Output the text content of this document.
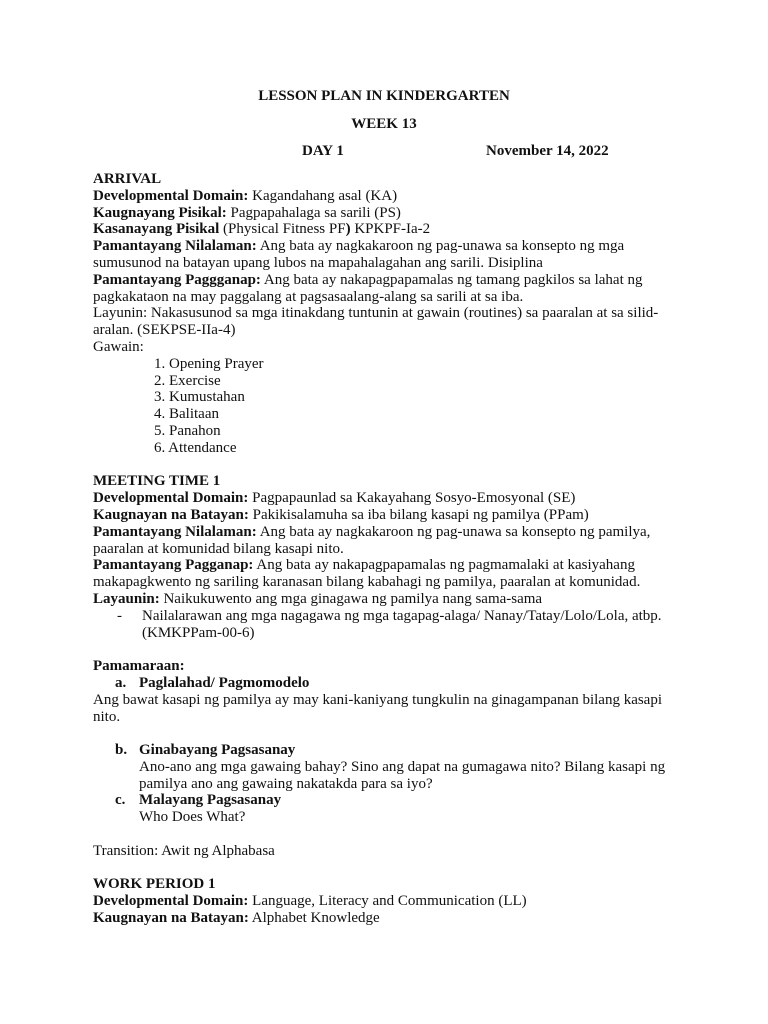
LESSON PLAN IN KINDERGARTEN
WEEK 13
DAY 1	November 14, 2022
ARRIVAL
Developmental Domain: Kagandahang asal (KA)
Kaugnayang Pisikal: Pagpapahalaga sa sarili (PS)
Kasanayang Pisikal (Physical Fitness PF) KPKPF-Ia-2
Pamantayang Nilalaman: Ang bata ay nagkakaroon ng pag-unawa sa konsepto ng mga sumusunod na batayan upang lubos na mapahalagahan ang sarili. Disiplina
Pamantayang Paggganap: Ang bata ay nakapagpapamalas ng tamang pagkilos sa lahat ng pagkakataon na may paggalang at pagsasaalang-alang sa sarili at sa iba.
Layunin: Nakasusunod sa mga itinakdang tuntunin at gawain (routines) sa paaralan at sa silid-aralan. (SEKPSE-IIa-4)
Gawain:
1. Opening Prayer
2. Exercise
3. Kumustahan
4. Balitaan
5. Panahon
6. Attendance
MEETING TIME 1
Developmental Domain: Pagpapaunlad sa Kakayahang Sosyo-Emosyonal (SE)
Kaugnayan na Batayan: Pakikisalamuha sa iba bilang kasapi ng pamilya (PPam)
Pamantayang Nilalaman: Ang bata ay nagkakaroon ng pag-unawa sa konsepto ng pamilya, paaralan at komunidad bilang kasapi nito.
Pamantayang Pagganap: Ang bata ay nakapagpapamalas ng pagmamalaki at kasiyahang makapagkwento ng sariling karanasan bilang kabahagi ng pamilya, paaralan at komunidad.
Layaunin: Naikukuwento ang mga ginagawa ng pamilya nang sama-sama
-	Nailalarawan ang mga nagagawa ng mga tagapag-alaga/ Nanay/Tatay/Lolo/Lola, atbp. (KMKPPam-00-6)
Pamamaraan:
a. Paglalahad/ Pagmomodelo
Ang bawat kasapi ng pamilya ay may kani-kaniyang tungkulin na ginagampanan bilang kasapi nito.
b. Ginabayang Pagsasanay
Ano-ano ang mga gawaing bahay? Sino ang dapat na gumagawa nito? Bilang kasapi ng pamilya ano ang gawaing nakatakda para sa iyo?
c. Malayang Pagsasanay
Who Does What?
Transition: Awit ng Alphabasa
WORK PERIOD 1
Developmental Domain: Language, Literacy and Communication (LL)
Kaugnayan na Batayan: Alphabet Knowledge
